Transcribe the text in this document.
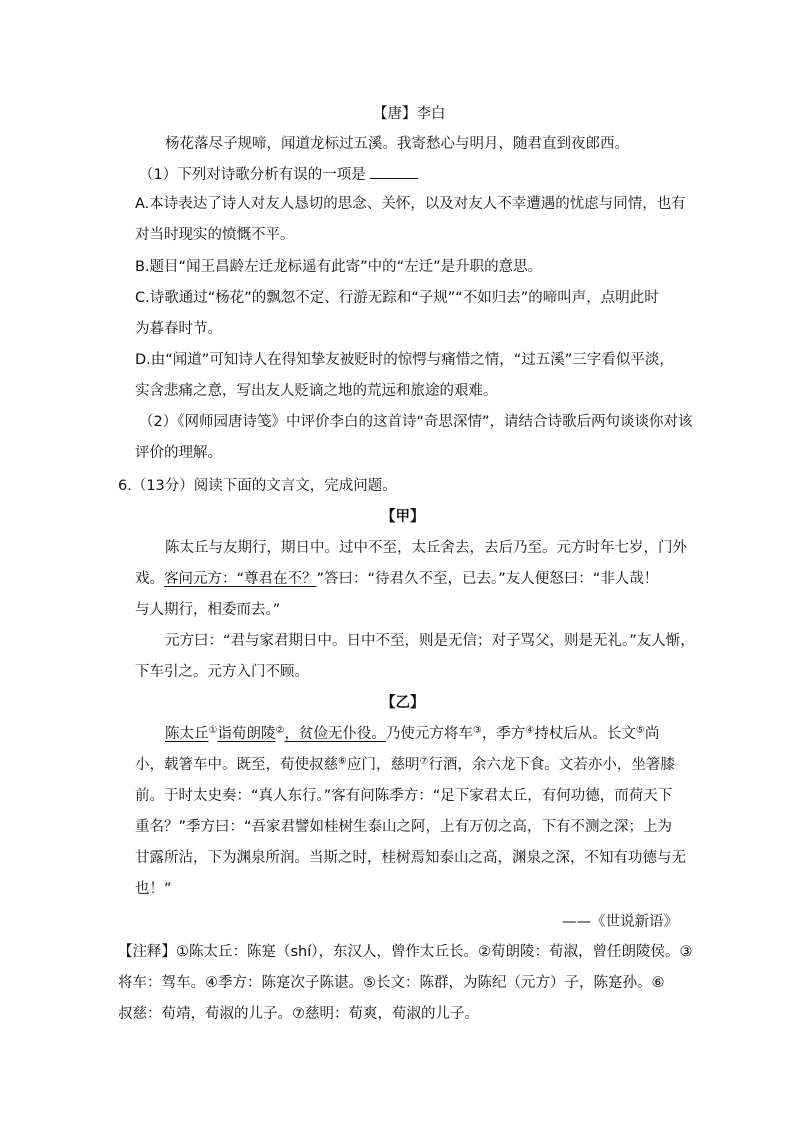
【唐】李白
杨花落尽子规啼，闻道龙标过五溪。我寄愁心与明月，随君直到夜郎西。
（1）下列对诗歌分析有误的一项是
A.本诗表达了诗人对友人恳切的思念、关怀，以及对友人不幸遭遇的忧虑与同情，也有
对当时现实的愤慨不平。
B.题目“闻王昌龄左迁龙标遥有此寄”中的“左迁”是升职的意思。
C.诗歌通过“杨花”的飘忽不定、行游无踪和“子规”“不如归去”的啼叫声，点明此时
为暮春时节。
D.由“闻道”可知诗人在得知挚友被贬时的惊愕与痛惜之情，“过五溪”三字看似平淡，
实含悲痛之意，写出友人贬谪之地的荒远和旅途的艰难。
（2）《网师园唐诗笺》中评价李白的这首诗“奇思深情”，请结合诗歌后两句谈谈你对该
评价的理解。
6.（13分）阅读下面的文言文，完成问题。
【甲】
陈太丘与友期行，期日中。过中不至，太丘舍去，去后乃至。元方时年七岁，门外
戏。客问元方：“尊君在不？”答曰：“待君久不至，已去。”友人便怒曰：“非人哉！
与人期行，相委而去。”
元方曰：“君与家君期日中。日中不至，则是无信；对子骂父，则是无礼。”友人惭，
下车引之。元方入门不顾。
【乙】
陈太丘①诣荀朗陵②，贫俭无仆役。乃使元方将车③，季方④持杖后从。长文⑤尚
小，载箸车中。既至，荀使叔慈⑥应门，慈明⑦行酒，余六龙下食。文若亦小，坐箸膝
前。于时太史奏：“真人东行。”客有问陈季方：“足下家君太丘，有何功德，而荷天下
重名？”季方曰：“吾家君譬如桂树生泰山之阿，上有万仞之高，下有不测之深；上为
甘露所沾，下为渊泉所润。当斯之时，桂树焉知泰山之高，渊泉之深，不知有功德与无
也！”
——《世说新语》
【注释】①陈太丘：陈寔（shí），东汉人，曾作太丘长。②荀朗陵：荀淑，曾任朗陵侯。③
将车：驾车。④季方：陈寔次子陈谌。⑤长文：陈群，为陈纪（元方）子，陈寔孙。⑥
叔慈：荀靖，荀淑的儿子。⑦慈明：荀爽，荀淑的儿子。
